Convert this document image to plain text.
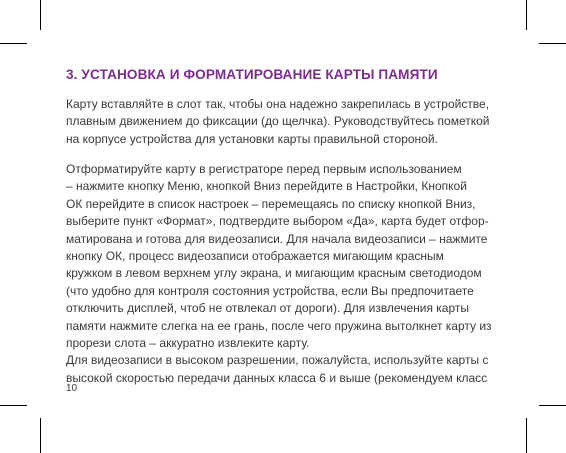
3. УСТАНОВКА И ФОРМАТИРОВАНИЕ КАРТЫ ПАМЯТИ
Карту вставляйте в слот так, чтобы она надежно закрепилась в устройстве,
плавным движением до фиксации (до щелчка). Руководствуйтесь пометкой
на корпусе устройства для установки карты правильной стороной.
Отформатируйте карту в регистраторе перед первым использованием
– нажмите кнопку Меню, кнопкой Вниз перейдите в Настройки, Кнопкой
ОК перейдите в список настроек – перемещаясь по списку кнопкой Вниз,
выберите пункт «Формат», подтвердите выбором «Да», карта будет отфор-
матирована и готова для видеозаписи. Для начала видеозаписи – нажмите
кнопку ОК, процесс видеозаписи отображается мигающим красным
кружком в левом верхнем углу экрана, и мигающим красным светодиодом
(что удобно для контроля состояния устройства, если Вы предпочитаете
отключить дисплей, чтоб не отвлекал от дороги). Для извлечения карты
памяти нажмите слегка на ее грань, после чего пружина вытолкнет карту из
прорези слота – аккуратно извлеките карту.
Для видеозаписи в высоком разрешении, пожалуйста, используйте карты с
высокой скоростью передачи данных класса 6 и выше (рекомендуем класс
10
